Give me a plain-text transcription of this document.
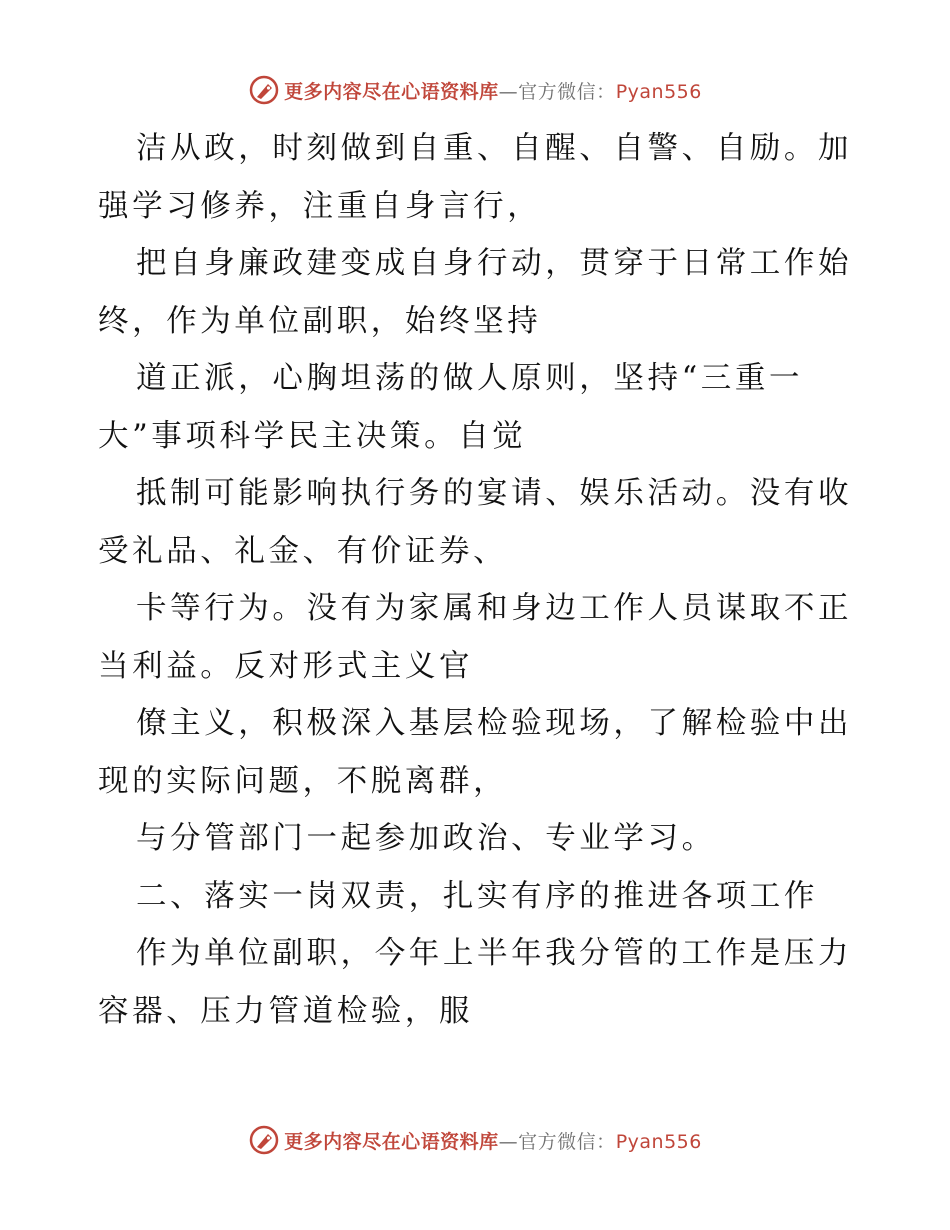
更多内容尽在心语资料库—官方微信：Pyan556
洁从政，时刻做到自重、自醒、自警、自励。加
强学习修养，注重自身言行，
把自身廉政建变成自身行动，贯穿于日常工作始
终，作为单位副职，始终坚持
道正派，心胸坦荡的做人原则，坚持“三重一
大”事项科学民主决策。自觉
抵制可能影响执行务的宴请、娱乐活动。没有收
受礼品、礼金、有价证券、
卡等行为。没有为家属和身边工作人员谋取不正
当利益。反对形式主义官
僚主义，积极深入基层检验现场，了解检验中出
现的实际问题，不脱离群，
与分管部门一起参加政治、专业学习。
二、落实一岗双责，扎实有序的推进各项工作
作为单位副职，今年上半年我分管的工作是压力
容器、压力管道检验，服
更多内容尽在心语资料库—官方微信：Pyan556
